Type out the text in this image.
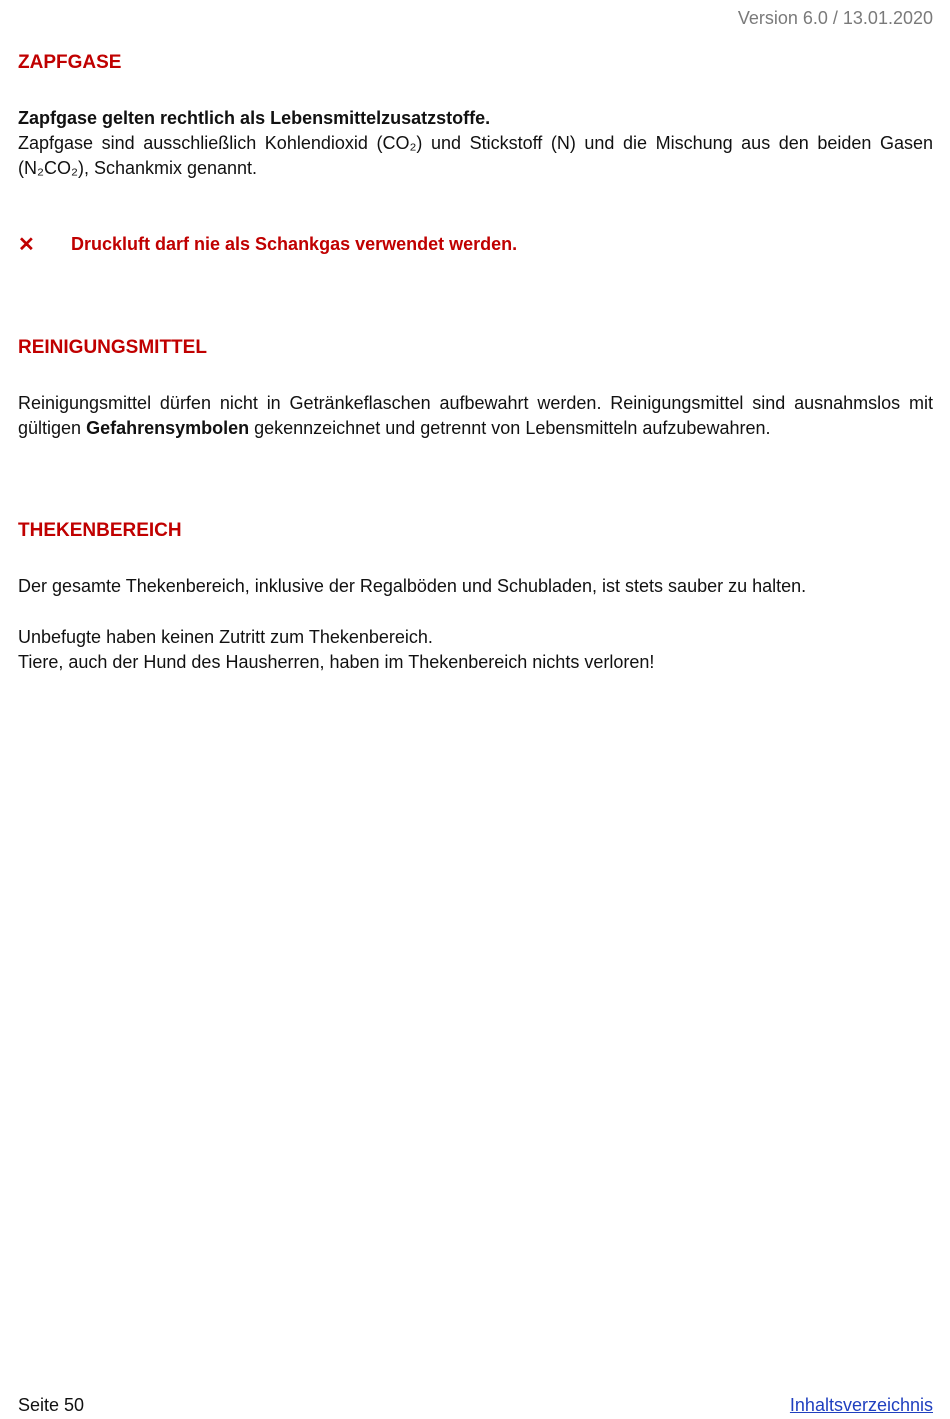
Version 6.0 / 13.01.2020
ZAPFGASE

Zapfgase gelten rechtlich als Lebensmittelzusatzstoffe.
Zapfgase sind ausschließlich Kohlendioxid (CO₂) und Stickstoff (N) und die Mischung aus den beiden Gasen (N₂CO₂), Schankmix genannt.

✕	Druckluft darf nie als Schankgas verwendet werden.
REINIGUNGSMITTEL

Reinigungsmittel dürfen nicht in Getränkeflaschen aufbewahrt werden. Reinigungsmittel sind ausnahmslos mit gültigen Gefahrensymbolen gekennzeichnet und getrennt von Lebensmitteln aufzubewahren.

THEKENBEREICH

Der gesamte Thekenbereich, inklusive der Regalböden und Schubladen, ist stets sauber zu halten.

Unbefugte haben keinen Zutritt zum Thekenbereich.
Tiere, auch der Hund des Hausherren, haben im Thekenbereich nichts verloren!

Seite 50	Inhaltsverzeichnis
